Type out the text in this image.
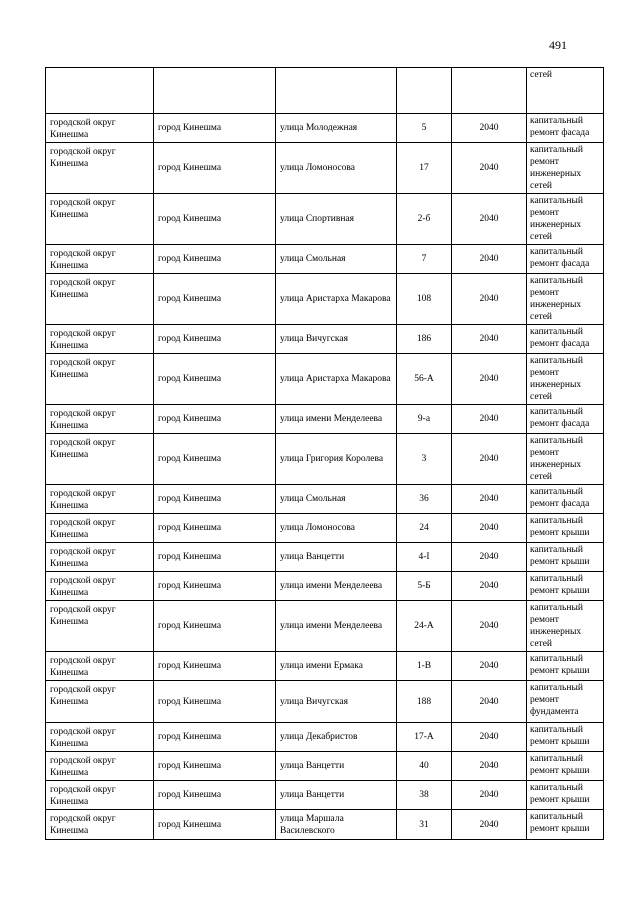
491
					сетей
городской округ Кинешма	город Кинешма	улица Молодежная	5	2040	капитальный ремонт фасада
городской округ Кинешма	город Кинешма	улица Ломоносова	17	2040	капитальный ремонт инженерных сетей
городской округ Кинешма	город Кинешма	улица Спортивная	2-б	2040	капитальный ремонт инженерных сетей
городской округ Кинешма	город Кинешма	улица Смольная	7	2040	капитальный ремонт фасада
городской округ Кинешма	город Кинешма	улица Аристарха Макарова	108	2040	капитальный ремонт инженерных сетей
городской округ Кинешма	город Кинешма	улица Вичугская	186	2040	капитальный ремонт фасада
городской округ Кинешма	город Кинешма	улица Аристарха Макарова	56-А	2040	капитальный ремонт инженерных сетей
городской округ Кинешма	город Кинешма	улица имени Менделеева	9-а	2040	капитальный ремонт фасада
городской округ Кинешма	город Кинешма	улица Григория Королева	3	2040	капитальный ремонт инженерных сетей
городской округ Кинешма	город Кинешма	улица Смольная	36	2040	капитальный ремонт фасада
городской округ Кинешма	город Кинешма	улица Ломоносова	24	2040	капитальный ремонт крыши
городской округ Кинешма	город Кинешма	улица Ванцетти	4-I	2040	капитальный ремонт крыши
городской округ Кинешма	город Кинешма	улица имени Менделеева	5-Б	2040	капитальный ремонт крыши
городской округ Кинешма	город Кинешма	улица имени Менделеева	24-А	2040	капитальный ремонт инженерных сетей
городской округ Кинешма	город Кинешма	улица имени Ермака	1-В	2040	капитальный ремонт крыши
городской округ Кинешма	город Кинешма	улица Вичугская	188	2040	капитальный ремонт фундамента
городской округ Кинешма	город Кинешма	улица Декабристов	17-А	2040	капитальный ремонт крыши
городской округ Кинешма	город Кинешма	улица Ванцетти	40	2040	капитальный ремонт крыши
городской округ Кинешма	город Кинешма	улица Ванцетти	38	2040	капитальный ремонт крыши
городской округ Кинешма	город Кинешма	улица Маршала Василевского	31	2040	капитальный ремонт крыши
